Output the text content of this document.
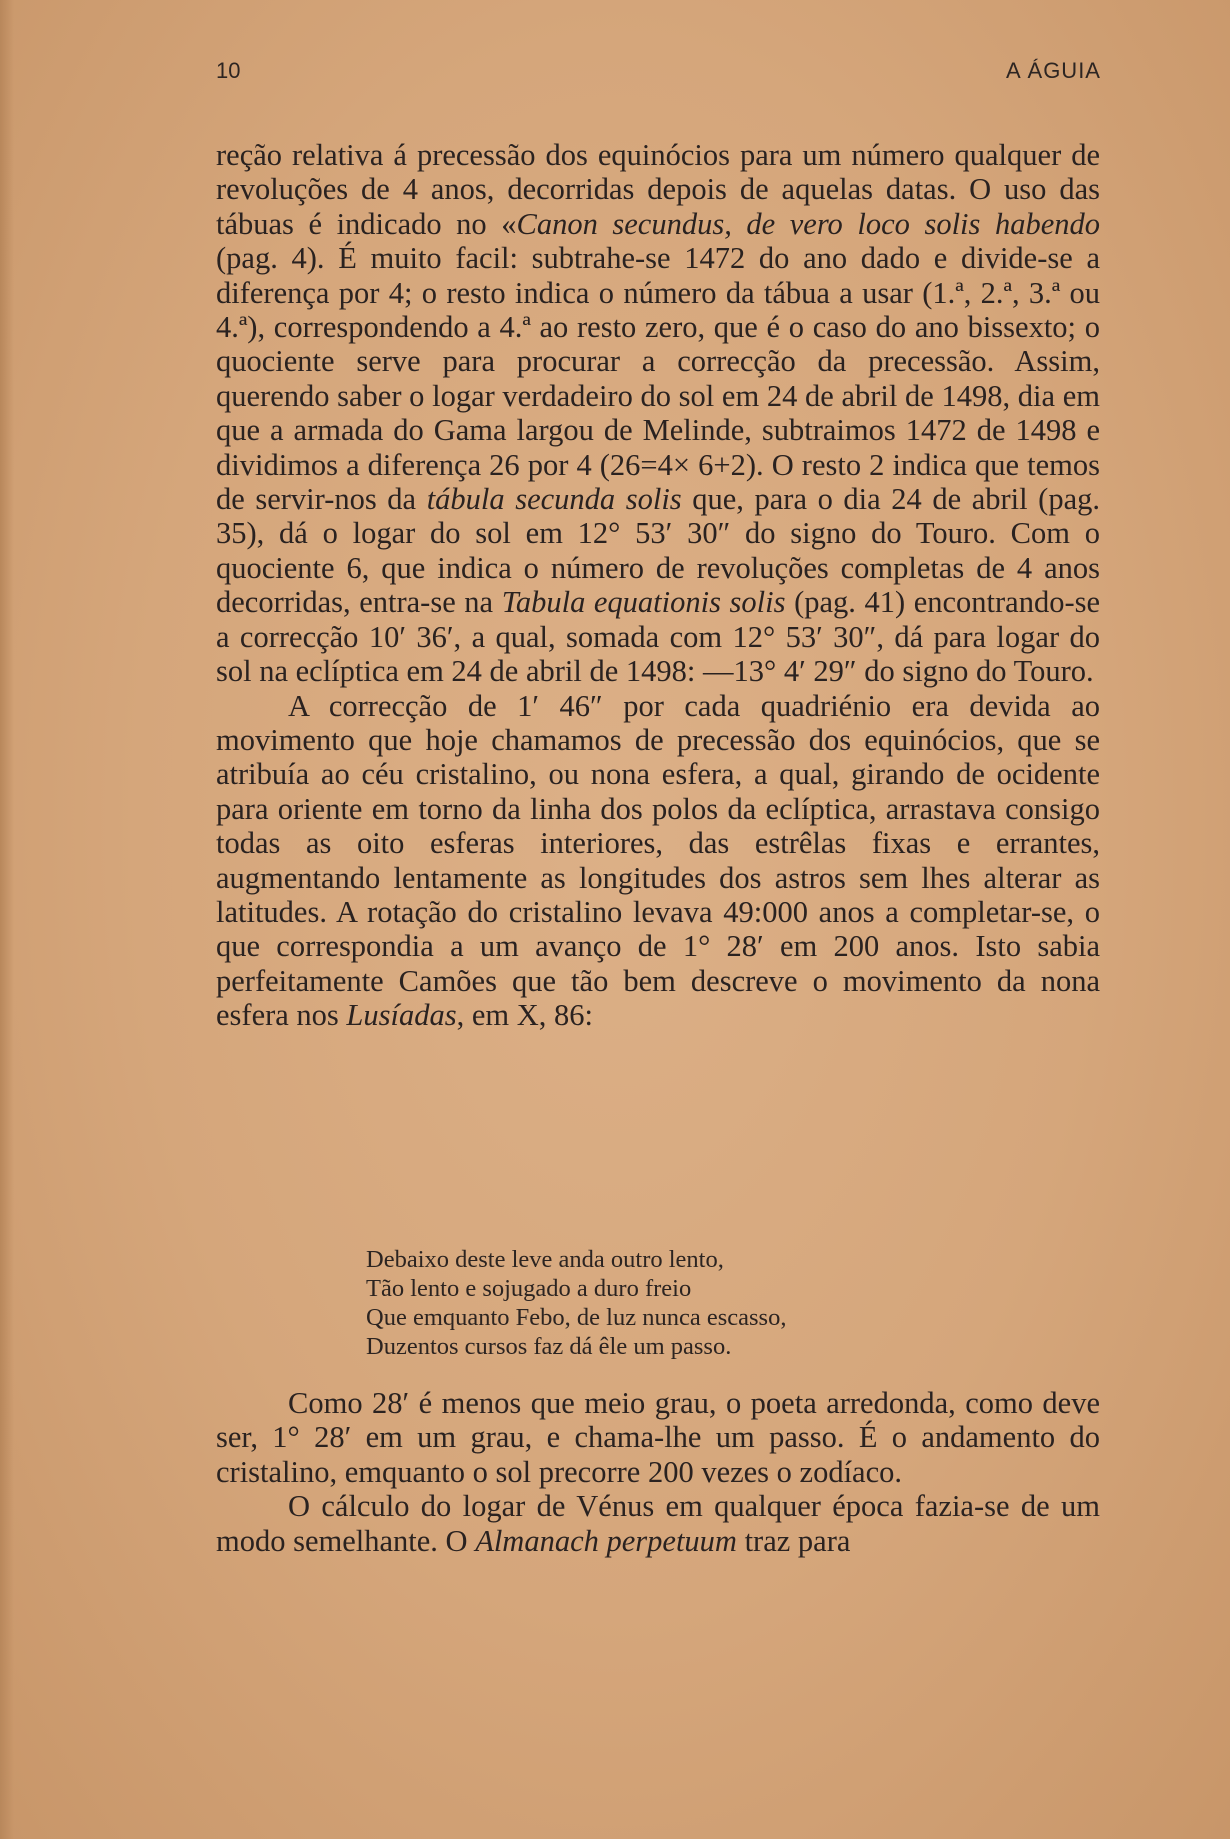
10	A ÁGUIA

reção relativa á precessão dos equinócios para um número qualquer de revoluções de 4 anos, decorridas depois de aquelas datas. O uso das tábuas é indicado no «Canon secundus, de vero loco solis habendo (pag. 4). É muito facil: subtrahe-se 1472 do ano dado e divide-se a diferença por 4; o resto indica o número da tábua a usar (1.ª, 2.ª, 3.ª ou 4.ª), correspondendo a 4.ª ao resto zero, que é o caso do ano bissexto; o quociente serve para procurar a correcção da precessão. Assim, querendo saber o logar verdadeiro do sol em 24 de abril de 1498, dia em que a armada do Gama largou de Melinde, subtraimos 1472 de 1498 e dividimos a diferença 26 por 4 (26=4× 6+2). O resto 2 indica que temos de servir-nos da tábula secunda solis que, para o dia 24 de abril (pag. 35), dá o logar do sol em 12° 53′ 30″ do signo do Touro. Com o quociente 6, que indica o número de revoluções completas de 4 anos decorridas, entra-se na Tabula equationis solis (pag. 41) encontrando-se a correcção 10′ 36′, a qual, somada com 12° 53′ 30″, dá para logar do sol na eclíptica em 24 de abril de 1498: —13° 4′ 29″ do signo do Touro.

A correcção de 1′ 46″ por cada quadriénio era devida ao movimento que hoje chamamos de precessão dos equinócios, que se atribuía ao céu cristalino, ou nona esfera, a qual, girando de ocidente para oriente em torno da linha dos polos da eclíptica, arrastava consigo todas as oito esferas interiores, das estrêlas fixas e errantes, augmentando lentamente as longitudes dos astros sem lhes alterar as latitudes. A rotação do cristalino levava 49:000 anos a completar-se, o que correspondia a um avanço de 1° 28′ em 200 anos. Isto sabia perfeitamente Camões que tão bem descreve o movimento da nona esfera nos Lusíadas, em X, 86:

Debaixo deste leve anda outro lento,
Tão lento e sojugado a duro freio
Que emquanto Febo, de luz nunca escasso,
Duzentos cursos faz dá êle um passo.

Como 28′ é menos que meio grau, o poeta arredonda, como deve ser, 1° 28′ em um grau, e chama-lhe um passo. É o andamento do cristalino, emquanto o sol precorre 200 vezes o zodíaco.

O cálculo do logar de Vénus em qualquer época fazia-se de um modo semelhante. O Almanach perpetuum traz para
